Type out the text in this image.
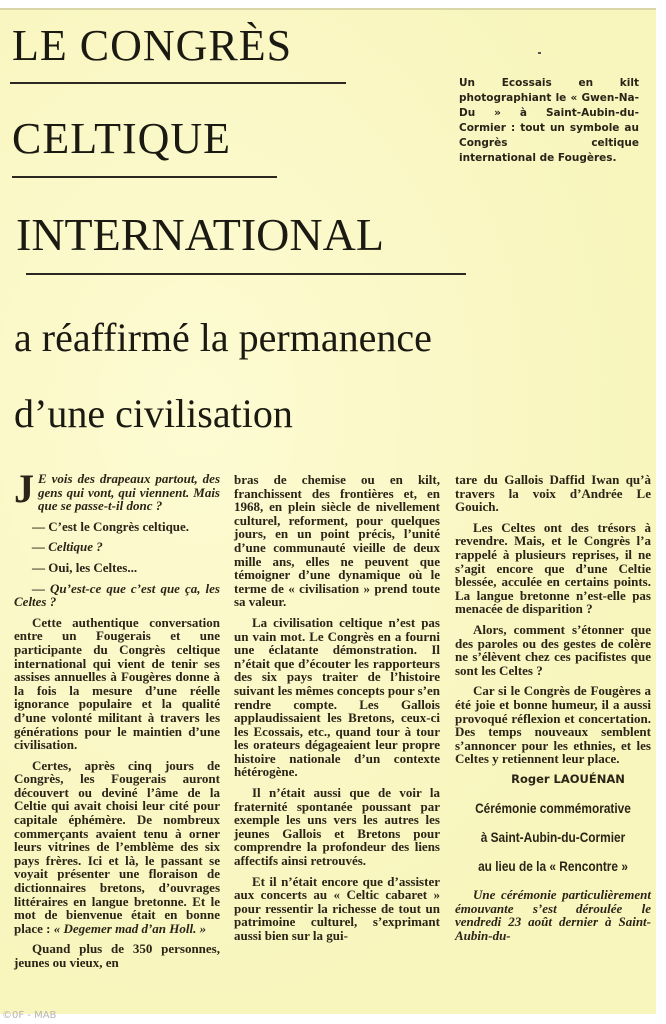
LE CONGRÈS
CELTIQUE
INTERNATIONAL
Un Ecossais en kilt photographiant le « Gwen-Na-Du » à Saint-Aubin-du-Cormier : tout un symbole au Congrès celtique international de Fougères.
a réaffirmé la permanence
d’une civilisation

J E vois des drapeaux partout, des gens qui vont, qui viennent. Mais que se passe-t-il donc ?

— C’est le Congrès celtique.

— Celtique ?

— Oui, les Celtes...

— Qu’est-ce que c’est que ça, les Celtes ?

Cette authentique conversation entre un Fougerais et une participante du Congrès celtique international qui vient de tenir ses assises annuelles à Fougères donne à la fois la mesure d’une réelle ignorance populaire et la qualité d’une volonté militant à travers les générations pour le maintien d’une civilisation.

Certes, après cinq jours de Congrès, les Fougerais auront découvert ou deviné l’âme de la Celtie qui avait choisi leur cité pour capitale éphémère. De nombreux commerçants avaient tenu à orner leurs vitrines de l’emblème des six pays frères. Ici et là, le passant se voyait présenter une floraison de dictionnaires bretons, d’ouvrages littéraires en langue bretonne. Et le mot de bienvenue était en bonne place : « Degemer mad d’an Holl. »

Quand plus de 350 personnes, jeunes ou vieux, en

bras de chemise ou en kilt, franchissent des frontières et, en 1968, en plein siècle de nivellement culturel, reforment, pour quelques jours, en un point précis, l’unité d’une communauté vieille de deux mille ans, elles ne peuvent que témoigner d’une dynamique où le terme de « civilisation » prend toute sa valeur.

La civilisation celtique n’est pas un vain mot. Le Congrès en a fourni une éclatante démonstration. Il n’était que d’écouter les rapporteurs des six pays traiter de l’histoire suivant les mêmes concepts pour s’en rendre compte. Les Gallois applaudissaient les Bretons, ceux-ci les Ecossais, etc., quand tour à tour les orateurs dégageaient leur propre histoire nationale d’un contexte hétérogène.

Il n’était aussi que de voir la fraternité spontanée poussant par exemple les uns vers les autres les jeunes Gallois et Bretons pour comprendre la profondeur des liens affectifs ainsi retrouvés.

Et il n’était encore que d’assister aux concerts au « Celtic cabaret » pour ressentir la richesse de tout un patrimoine culturel, s’exprimant aussi bien sur la gui-

tare du Gallois Daffid Iwan qu’à travers la voix d’Andrée Le Gouich.

Les Celtes ont des trésors à revendre. Mais, et le Congrès l’a rappelé à plusieurs reprises, il ne s’agit encore que d’une Celtie blessée, acculée en certains points. La langue bretonne n’est-elle pas menacée de disparition ?

Alors, comment s’étonner que des paroles ou des gestes de colère ne s’élèvent chez ces pacifistes que sont les Celtes ?

Car si le Congrès de Fougères a été joie et bonne humeur, il a aussi provoqué réflexion et concertation. Des temps nouveaux semblent s’annoncer pour les ethnies, et les Celtes y retiennent leur place.

Roger LAOUÉNAN
Cérémonie commémorative
à Saint-Aubin-du-Cormier
au lieu de la « Rencontre »

Une cérémonie particulièrement émouvante s’est déroulée le vendredi 23 août dernier à Saint-Aubin-du-

©0F - MAB
